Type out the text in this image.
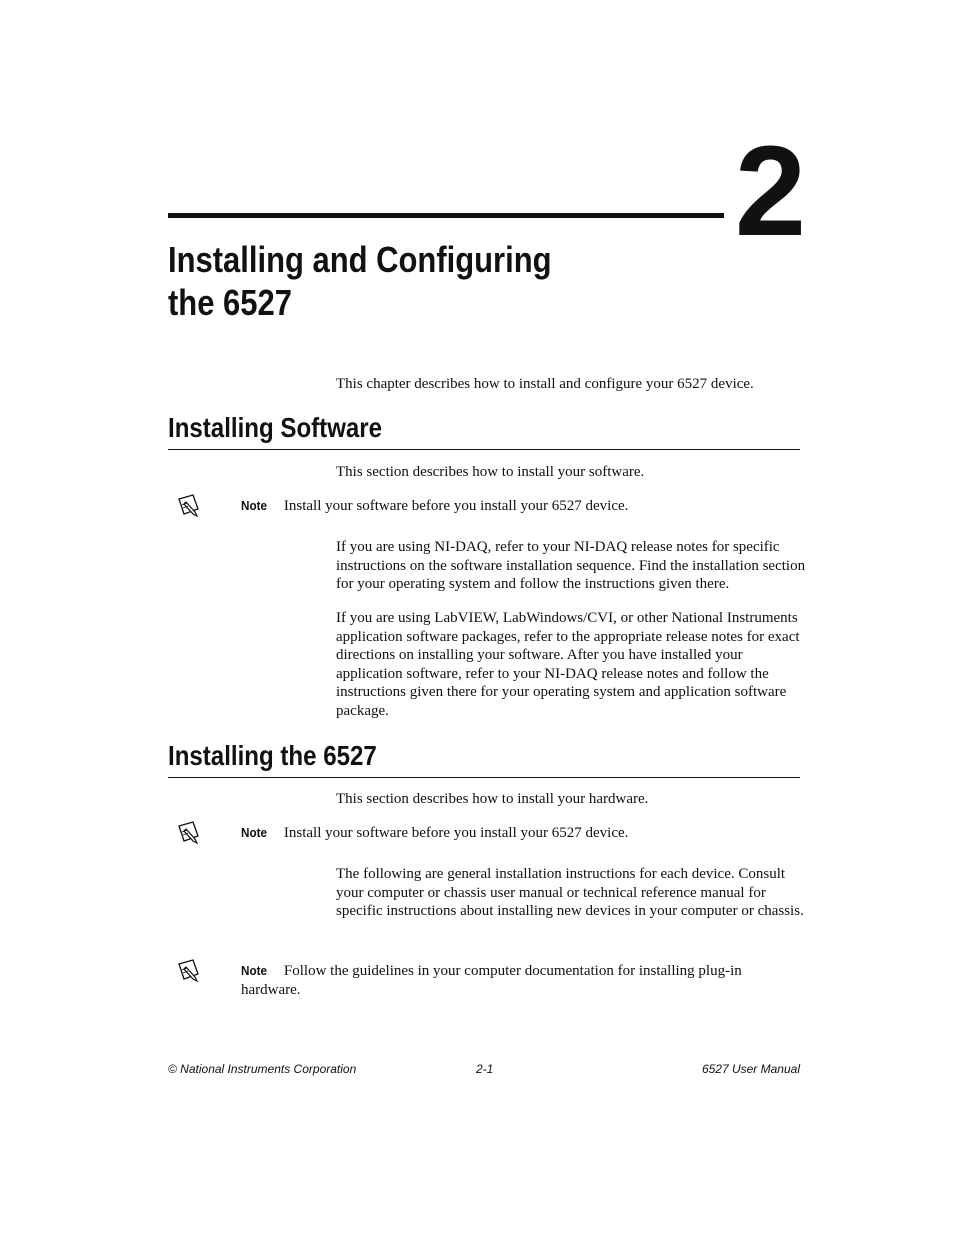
2
Installing and Configuring
the 6527

This chapter describes how to install and configure your 6527 device.

Installing Software

This section describes how to install your software.

Note Install your software before you install your 6527 device.

If you are using NI-DAQ, refer to your NI-DAQ release notes for specific instructions on the software installation sequence. Find the installation section for your operating system and follow the instructions given there.

If you are using LabVIEW, LabWindows/CVI, or other National Instruments application software packages, refer to the appropriate release notes for exact directions on installing your software. After you have installed your application software, refer to your NI-DAQ release notes and follow the instructions given there for your operating system and application software package.

Installing the 6527

This section describes how to install your hardware.

Note Install your software before you install your 6527 device.

The following are general installation instructions for each device. Consult your computer or chassis user manual or technical reference manual for specific instructions about installing new devices in your computer or chassis.

Note Follow the guidelines in your computer documentation for installing plug-in hardware.
© National Instruments Corporation	2-1	6527 User Manual
